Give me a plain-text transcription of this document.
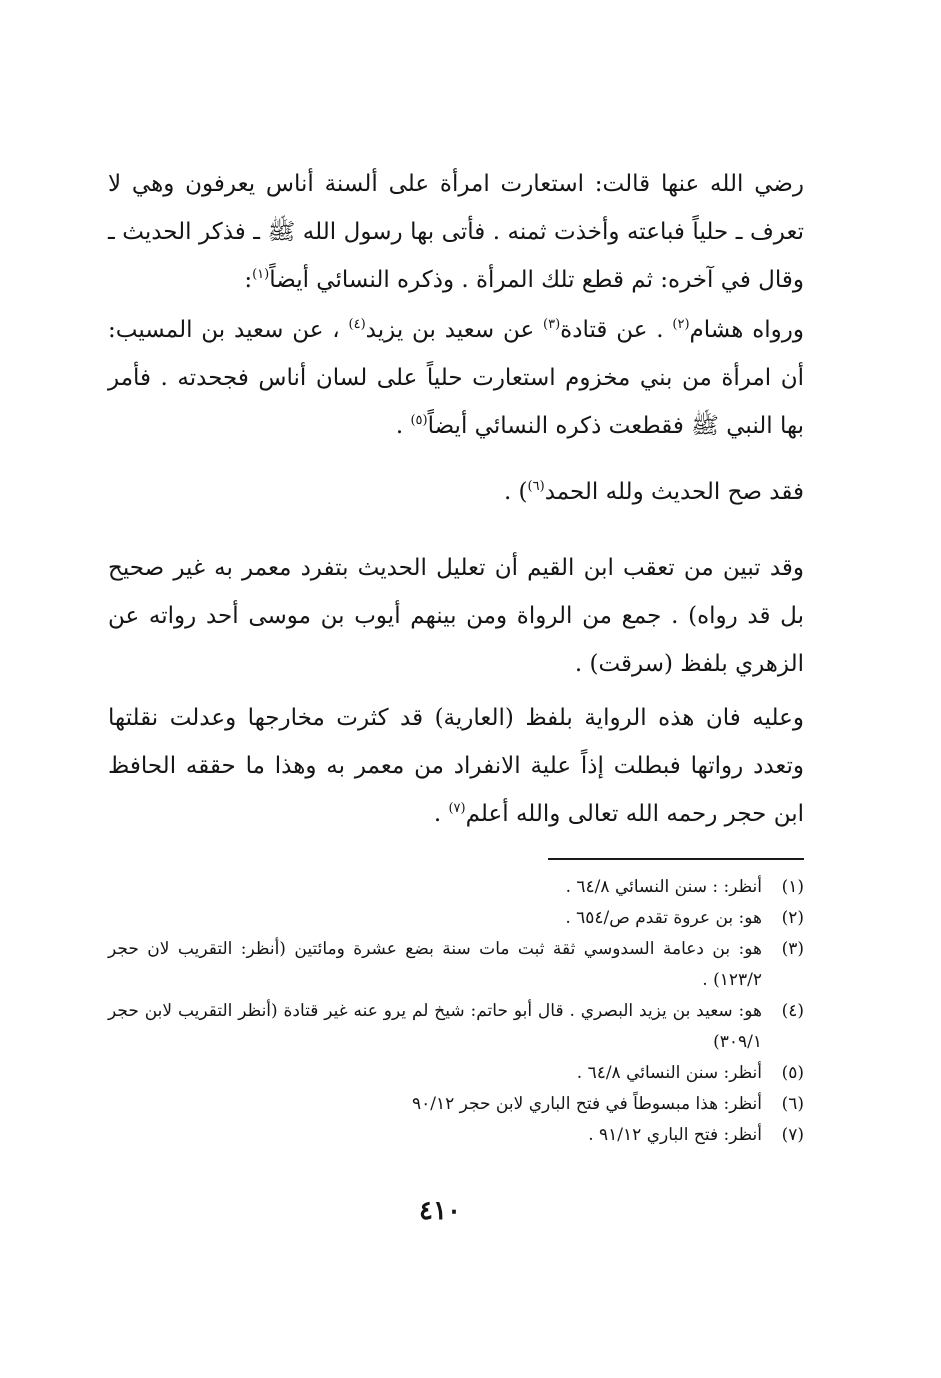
رضي الله عنها قالت: استعارت امرأة على ألسنة أناس يعرفون وهي لا تعرف ـ حلياً فباعته وأخذت ثمنه . فأتى بها رسول الله ﷺ ـ فذكر الحديث ـ وقال في آخره: ثم قطع تلك المرأة . وذكره النسائي أيضاً$^{(١)}$:
ورواه هشام$^{(٢)}$ . عن قتادة$^{(٣)}$ عن سعيد بن يزيد$^{(٤)}$ ، عن سعيد بن المسيب: أن امرأة من بني مخزوم استعارت حلياً على لسان أناس فجحدته . فأمر بها النبي ﷺ فقطعت ذكره النسائي أيضاً$^{(٥)}$ .
فقد صح الحديث ولله الحمد$^{(٦)}$) .
وقد تبين من تعقب ابن القيم أن تعليل الحديث بتفرد معمر به غير صحيح بل قد رواه) . جمع من الرواة ومن بينهم أيوب بن موسى أحد رواته عن الزهري بلفظ (سرقت) .
وعليه فان هذه الرواية بلفظ (العارية) قد كثرت مخارجها وعدلت نقلتها وتعدد رواتها فبطلت إذاً علية الانفراد من معمر به وهذا ما حققه الحافظ ابن حجر رحمه الله تعالى والله أعلم$^{(٧)}$ .
(١)
أنظر: : سنن النسائي ٦٤/٨ .
(٢)
هو: بن عروة تقدم ص/٦٥٤ .
(٣)
هو: بن دعامة السدوسي ثقة ثبت مات سنة بضع عشرة ومائتين (أنظر: التقريب لان حجر ١٢٣/٢) .
(٤)
هو: سعيد بن يزيد البصري . قال أبو حاتم: شيخ لم يرو عنه غير قتادة (أنظر التقريب لابن حجر ٣٠٩/١)
(٥)
أنظر: سنن النسائي ٦٤/٨ .
(٦)
أنظر: هذا مبسوطاً في فتح الباري لابن حجر ٩٠/١٢
(٧)
أنظر: فتح الباري ٩١/١٢ .
٤١٠
